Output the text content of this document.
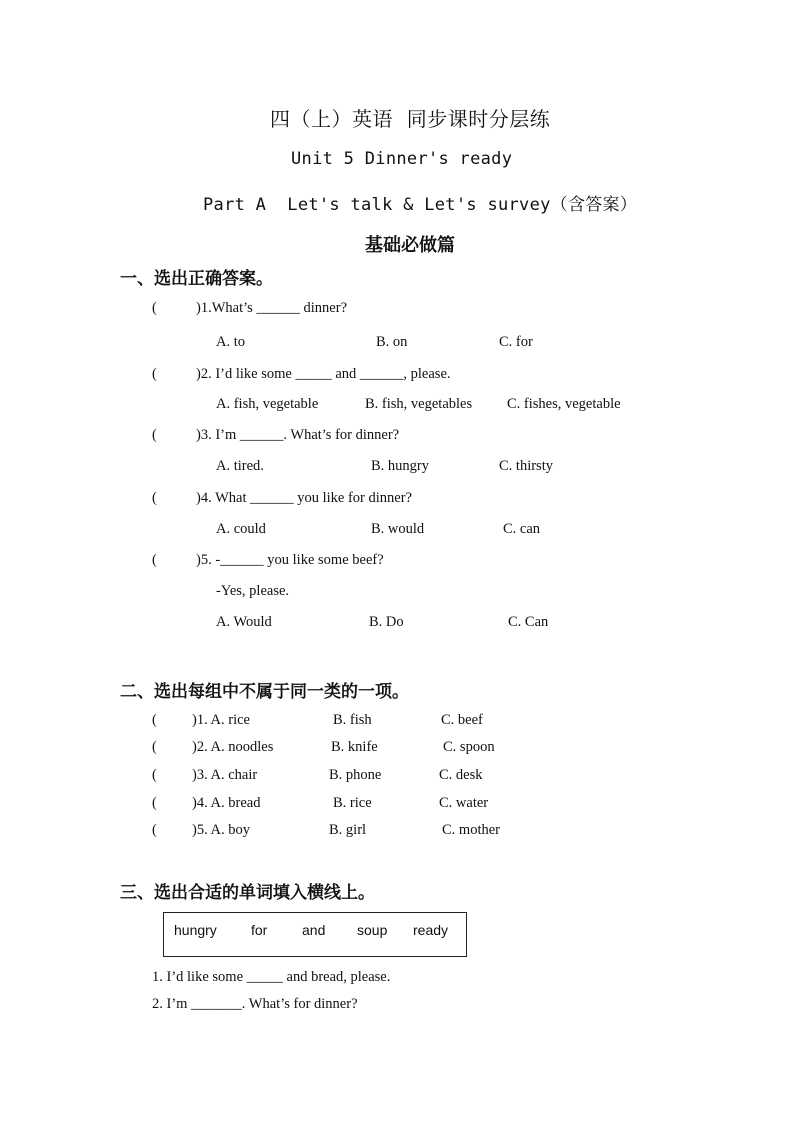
四（上）英语  同步课时分层练
Unit 5 Dinner's ready
Part A  Let's talk & Let's survey（含答案）
基础必做篇
一、选出正确答案。
(	)1.What’s ______ dinner?
A. to	B. on	C. for
(	)2. I’d like some _____ and ______, please.
A. fish, vegetable	B. fish, vegetables C. fishes, vegetable
(	)3. I’m ______. What’s for dinner?
A. tired.	B. hungry	C. thirsty
(	)4. What ______ you like for dinner?
A. could	B. would	C. can
(	)5. -______ you like some beef?
-Yes, please.
A. Would	B. Do	C. Can
二、选出每组中不属于同一类的一项。
( )1. A. rice	B. fish	C. beef
( )2. A. noodles	B. knife	C. spoon
( )3. A. chair	B. phone	C. desk
( )4. A. bread	B. rice	C. water
( )5. A. boy	B. girl	C. mother
三、选出合适的单词填入横线上。
hungry for and soup ready
1. I’d like some _____ and bread, please.
2. I’m _______. What’s for dinner?
